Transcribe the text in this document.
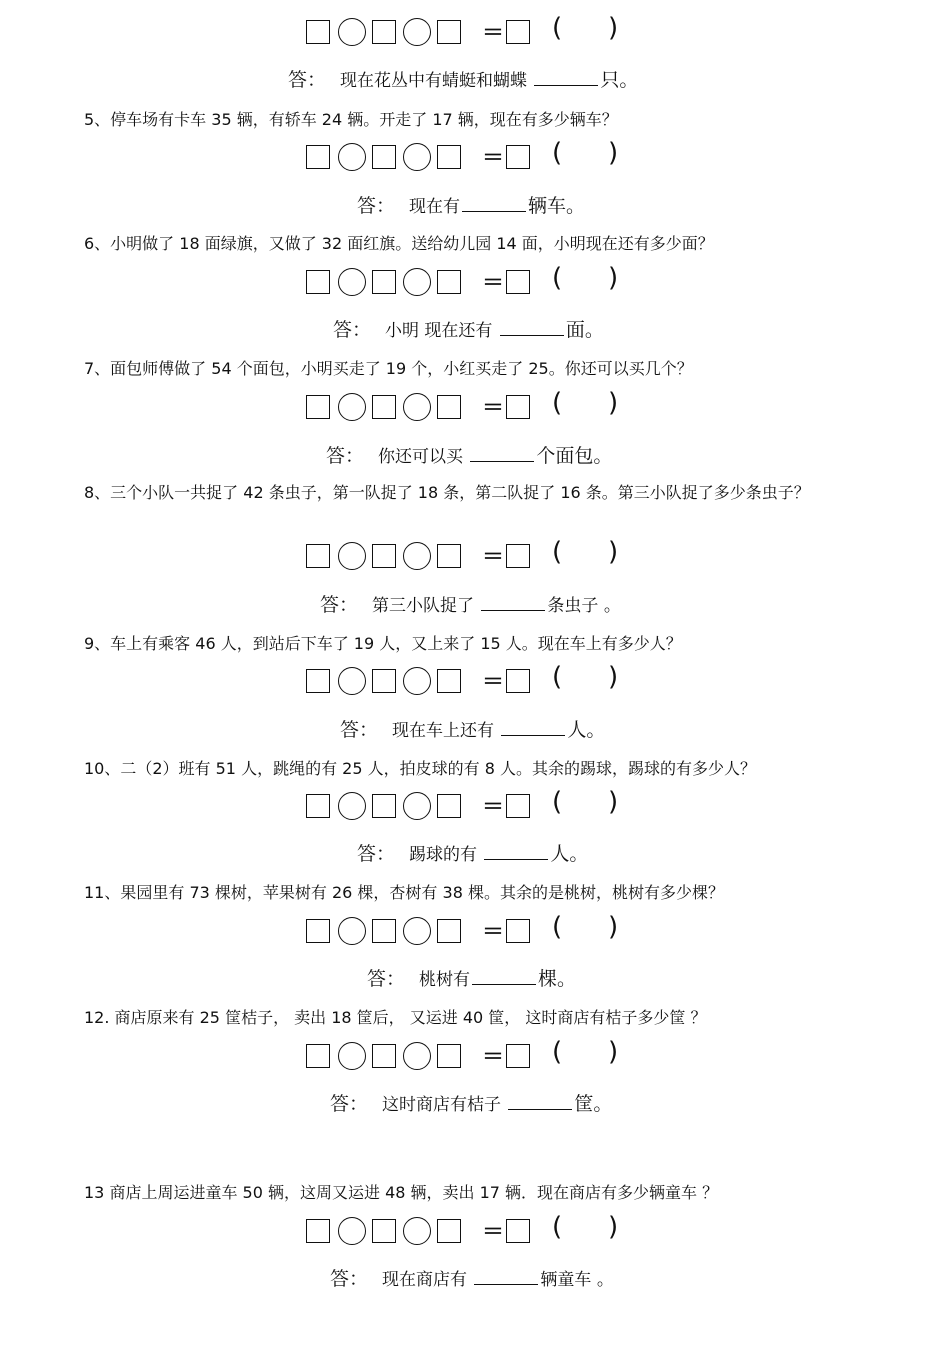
＝ ( )
答： 现在花丛中有蜻蜓和蝴蝶	只。
5、停车场有卡车 35 辆，有轿车 24 辆。开走了 17 辆，现在有多少辆车？
＝ ( )
答： 现在有	辆车。
6、小明做了 18 面绿旗，又做了 32 面红旗。送给幼儿园 14 面，小明现在还有多少面？
＝ ( )
答： 小明 现在还有	面。
7、面包师傅做了 54 个面包，小明买走了 19 个，小红买走了 25。你还可以买几个？
＝ ( )
答： 你还可以买	个面包。
8、三个小队一共捉了 42 条虫子，第一队捉了 18 条，第二队捉了 16 条。第三小队捉了多少条虫子？
＝ ( )
答： 第三小队捉了	条虫子 。
9、车上有乘客 46 人，到站后下车了 19 人，又上来了 15 人。现在车上有多少人？
＝ ( )
答： 现在车上还有	人。
10、二（2）班有 51 人，跳绳的有 25 人，拍皮球的有 8 人。其余的踢球，踢球的有多少人？
＝ ( )
答： 踢球的有	人。
11、果园里有 73 棵树，苹果树有 26 棵，杏树有 38 棵。其余的是桃树，桃树有多少棵？
＝ ( )
答： 桃树有	棵。
12. 商店原来有 25 筐桔子， 卖出 18 筐后， 又运进 40 筐， 这时商店有桔子多少筐 ？
＝ ( )
答： 这时商店有桔子	筐。
13 商店上周运进童车 50 辆，这周又运进 48 辆，卖出 17 辆．现在商店有多少辆童车 ？
＝ ( )
答： 现在商店有	辆童车 。
